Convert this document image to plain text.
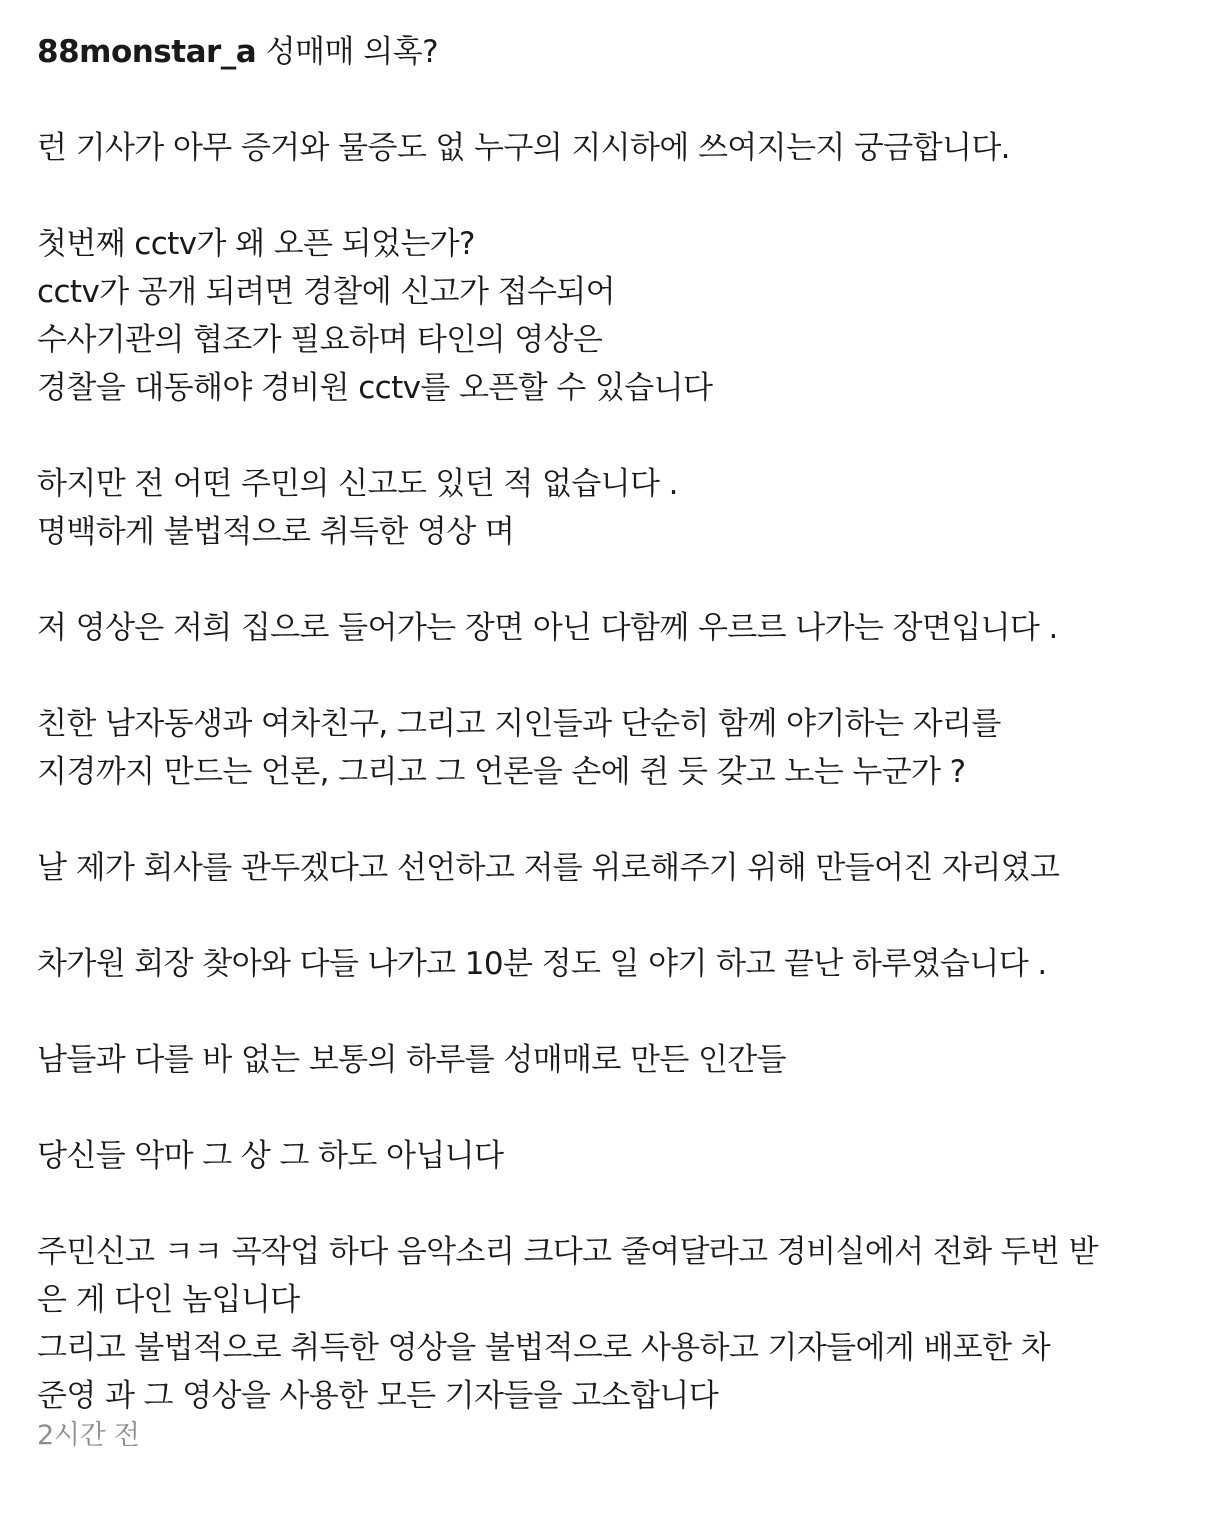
88monstar_a 성매매 의혹?
런 기사가 아무 증거와 물증도 없 누구의 지시하에 쓰여지는지 궁금합니다.
첫번째 cctv가 왜 오픈 되었는가?
cctv가 공개 되려면 경찰에 신고가 접수되어
수사기관의 협조가 필요하며 타인의 영상은
경찰을 대동해야 경비원 cctv를 오픈할 수 있습니다
하지만 전 어떤 주민의 신고도 있던 적 없습니다 .
명백하게 불법적으로 취득한 영상 며
저 영상은 저희 집으로 들어가는 장면 아닌 다함께 우르르 나가는 장면입니다 .
친한 남자동생과 여차친구, 그리고 지인들과 단순히 함께 야기하는 자리를
지경까지 만드는 언론, 그리고 그 언론을 손에 쥔 듯 갖고 노는 누군가 ?
날 제가 회사를 관두겠다고 선언하고 저를 위로해주기 위해 만들어진 자리였고
차가원 회장 찾아와 다들 나가고 10분 정도 일 야기 하고 끝난 하루였습니다 .
남들과 다를 바 없는 보통의 하루를 성매매로 만든 인간들
당신들 악마 그 상 그 하도 아닙니다
주민신고 ㅋㅋ 곡작업 하다 음악소리 크다고 줄여달라고 경비실에서 전화 두번 받
은 게 다인 놈입니다
그리고 불법적으로 취득한 영상을 불법적으로 사용하고 기자들에게 배포한 차
준영 과 그 영상을 사용한 모든 기자들을 고소합니다
2시간 전
